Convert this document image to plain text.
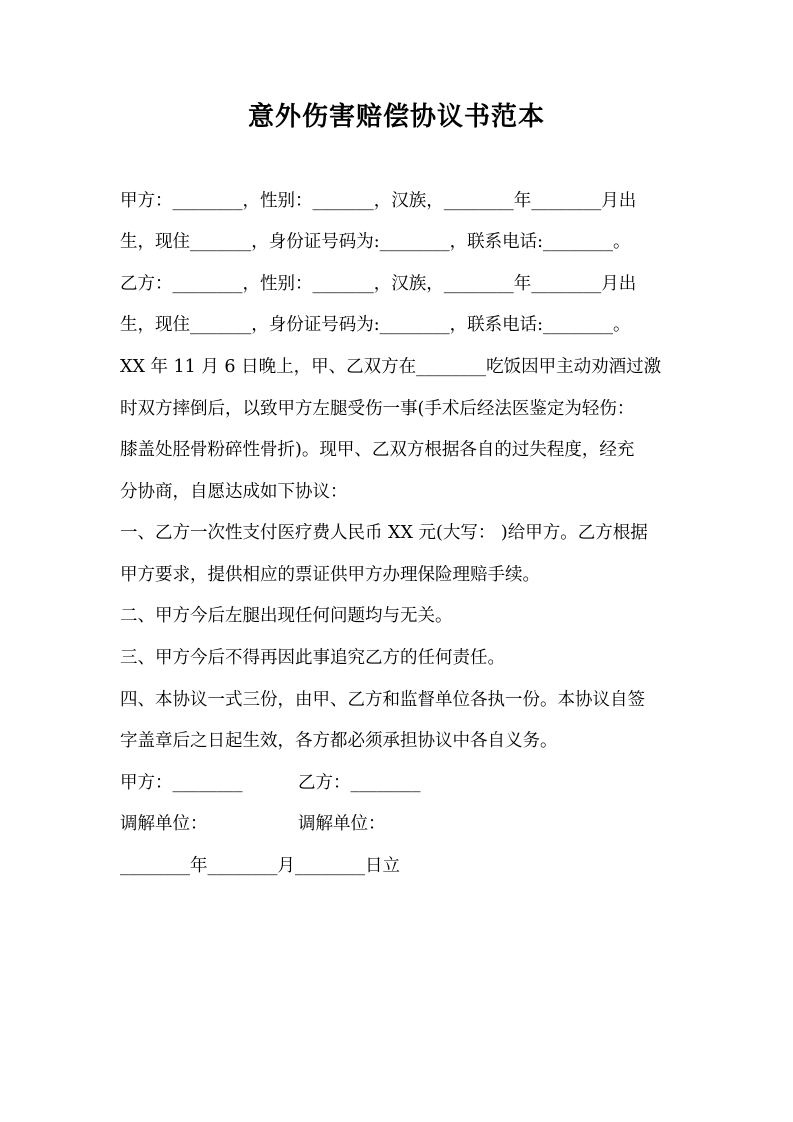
意外伤害赔偿协议书范本

甲方：________，性别：_______，汉族，________年________月出

生，现住_______，身份证号码为:________，联系电话:________。

乙方：________，性别：_______，汉族，________年________月出

生，现住_______，身份证号码为:________，联系电话:________。

XX 年 11 月 6 日晚上，甲、乙双方在________吃饭因甲主动劝酒过激

时双方摔倒后，以致甲方左腿受伤一事(手术后经法医鉴定为轻伤：

膝盖处胫骨粉碎性骨折)。现甲、乙双方根据各自的过失程度，经充

分协商，自愿达成如下协议：

一、乙方一次性支付医疗费人民币 XX 元(大写： )给甲方。乙方根据

甲方要求，提供相应的票证供甲方办理保险理赔手续。

二、甲方今后左腿出现任何问题均与无关。

三、甲方今后不得再因此事追究乙方的任何责任。

四、本协议一式三份，由甲、乙方和监督单位各执一份。本协议自签

字盖章后之日起生效，各方都必须承担协议中各自义务。

甲方：________	乙方：________

调解单位：	调解单位：

________年________月________日立
